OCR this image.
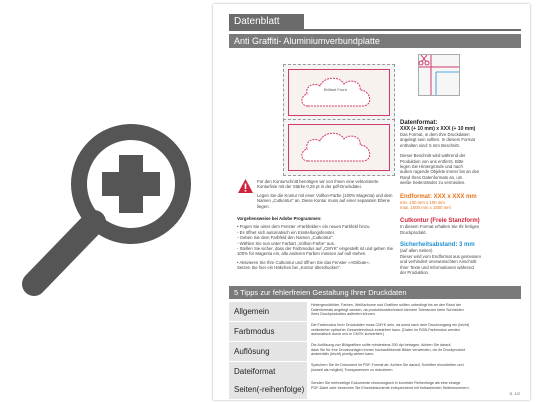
Datenblatt
Anti Graffiti- Aluminiumverbundplatte
Brillant Front
Datenformat:
XXX (+ 10 mm) x XXX (+ 10 mm)
Das Format, in dem Ihre Druckdaten
angelegt sein sollten. In diesem Format
enthalten sind: 5 mm Beschnitt.
Dieser Beschnitt wird während der
Produktion von uns entfernt. Bitte
legen Sie Hintergründe und nach
außen ragende Objekte immer bis an den
Rand Ihres Datenformats an, um
weiße Seitenränder zu vermeiden.
Endformat: XXX x XXX mm
min. 100 mm x 100 mm
max. 1000 mm x 1500 mm
Cutkontur (Freie Stanzform)
In diesem Format erhalten Sie Ihr fertiges
Druckprodukt.
Sicherheitsabstand: 3 mm
(auf allen Seiten)
Dieser wird vom Endformat aus gemessen
und verhindert unerwünschten Anschnitt
Ihrer Texte und Informationen während
der Produktion.
Für den Konturschnitt benötigen wir von Ihnen eine vektorisierte
Konturlinie mit der Stärke 0,25 pt in der pdf-Druckdatei.
Legen Sie die Kontur mit einer Vollton-Farbe (100% Magenta) und dem
Namen „Cutkontur“ an. Diese Kontur muss auf einer separaten Ebene liegen.
Vorgehensweise bei Adobe Programmen:
• Fügen Sie unter dem Fenster »Farbfelder« ein neues Farbfeld hinzu.
- Es öffnet sich automatisch ein Einstellungsfenster.
- Geben Sie dem Farbfeld den Namen „Cutkontur“.
- Wählen Sie nun unter Farbart „Vollton-Farbe“ aus.
- Stellen Sie sicher, dass der Farbmodus auf „CMYK“ eingestellt ist und geben Sie
100% für Magenta ein, alle anderen Farben müssen auf null stehen.
• Aktivieren Sie Ihre Cutkontur und öffnen Sie das Fenster »Attribute«.
Setzen Sie hier ein Häkchen bei „Kontur überdrucken“.
5 Tipps zur fehlerfreien Gestaltung Ihrer Druckdaten
Allgemein
Hintergrundbilder, Farben, Weißaräume und Grafiken sollten unbedingt bis an den Rand der
Datenformats angelegt werden, da produktionstechnisch kleinere Toleranzen beim Schneiden
Ihres Druckproduktes auftreten können.
Farbmodus
Die Farbmodus Ihrer Druckdaten muss CMYK sein, da sonst nach dem Druckvorgang ein (leicht)
veränderter optischer Gesamteindruck entstehen kann. (Daten im RGB-Farbmodus werden
automatisch durch uns in CMYK konvertiert.)
Auflösung
Die Auflösung von Bildgrafiken sollte mindestens 300 dpi betragen. Achten Sie darauf,
dass Sie für Ihre Druckvorlagen immer hochauflösende Bilder verwenden, da Ihr Druckprodukt
andernfalls (leicht) pixelig wirken kann.
Dateiformat
Speichern Sie Ihr Dokument im PDF-Format ab. Achten Sie darauf, Schriften einzubetten und
(soweit als möglich) Transparenzen zu reduzieren.
Seiten(-reihenfolge)
Senden Sie mehrseitige Dokumente chronologisch in korrekter Reihenfolge als eine einzige
PDF-Datei oder benennen Sie Einzeldokumente entsprechend mit fortlaufenden Seitennummern.
S. 1/2
